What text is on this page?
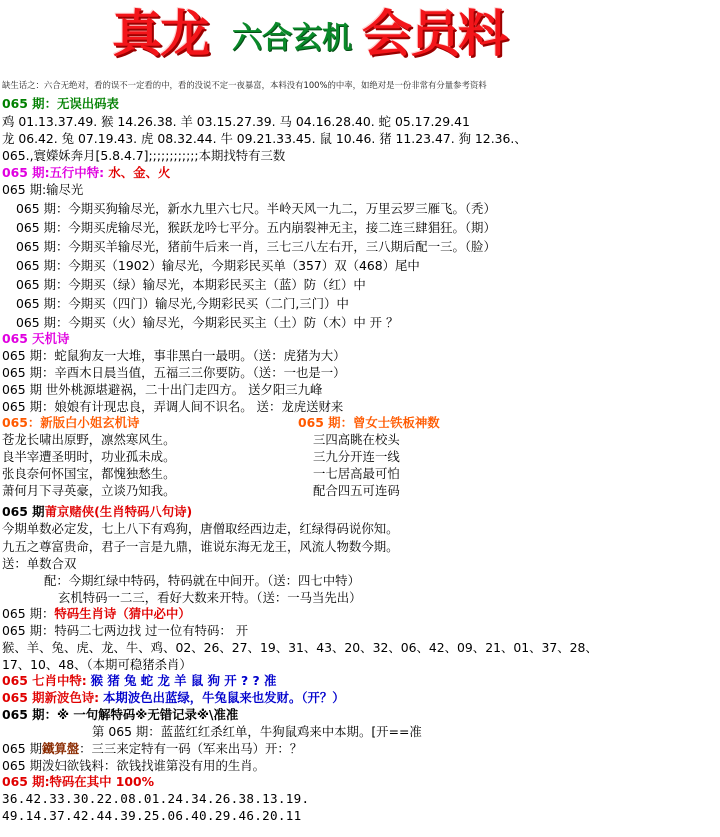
真龙 六合玄机 会员料
缺生话之：六合无绝对，看的误不一定看的中，看的没说不定一夜暴富，本料没有100%的中率，如绝对是一份非常有分量参考资料
065 期：无误出码表
鸡 01.13.37.49. 猴 14.26.38. 羊 03.15.27.39. 马 04.16.28.40. 蛇 05.17.29.41
龙 06.42. 兔 07.19.43. 虎 08.32.44. 牛 09.21.33.45. 鼠 10.46. 猪 11.23.47. 狗 12.36.、
065.,寰嬫姀奔月[5.8.4.7];;;;;;;;;;;;本期找特有三数
065 期:五行中特: 水、金、火
065 期:输尽光
065 期：今期买狗输尽光，新水九里六七尺。半岭天风一九二，万里云罗三雁飞。（秃）
065 期：今期买虎输尽光，猴跃龙吟七平分。五内崩裂神无主，接二连三肆猖狂。（期）
065 期：今期买羊输尽光，猪前牛后来一肖，三七三八左右开，三八期后配一三。（脸）
065 期：今期买（1902）输尽光，今期彩民买单（357）双（468）尾中
065 期：今期买（绿）输尽光，本期彩民买主（蓝）防（红）中
065 期：今期买（四门）输尽光,今期彩民买（二门,三门）中
065 期：今期买（火）输尽光，今期彩民买主（土）防（木）中 开 ？
065 天机诗
065 期：蛇鼠狗友一大堆，事非黑白一最明。（送：虎猪为大）
065 期：辛酉木日晨当值，五福三三你要防。（送：一也是一）
065 期 世外桃源堪避祸，二十出门走四方。 送夕阳三九峰
065 期：娘娘有计现忠良，弄调人间不识名。 送：龙虎送财来
065：新版白小姐玄机诗	065 期：曾女士铁板神数
苍龙长啸出原野，凛然寒风生。
良半宰遭圣明时，功业孤未成。
张良奈何怀国宝，都愧独愁生。
萧何月下寻英豪，立谈乃知我。
三四高眺在校头
三九分开连一线
一七居高最可怕
配合四五可连码
065 期莆京赌侠(生肖特码八句诗)
今期单数必定发，七上八下有鸡狗，唐僧取经西边走，红绿得码说你知。
九五之尊富贵命，君子一言是九鼎，谁说东海无龙王，风流人物数今期。
送：单数合双
配：今期红绿中特码，特码就在中间开。（送：四七中特）
玄机特码一二三，看好大数来开特。（送：一马当先出）
065 期：特码生肖诗（猜中必中）
065 期：特码二七两边找 过一位有特码： 开
猴、羊、兔、虎、龙、牛、鸡、02、26、27、19、31、43、20、32、06、42、09、21、01、37、28、
17、10、48、（本期可稳猪杀肖）
065 七肖中特: 猴 猪 兔 蛇 龙 羊 鼠 狗 开 ? ? 准
065 期新波色诗: 本期波色出蓝绿，牛兔鼠来也发财。（开？）
065 期：※ 一句解特码※无错记录※\准准
第 065 期：蓝蓝红红杀红单，牛狗鼠鸡来中本期。[开==准
065 期鐵算盤：三三来定特有一码（军来出马）开：？
065 期泼妇欲钱料：欲钱找谁第没有用的生肖。
065 期:特码在其中 100%
36.42.33.30.22.08.01.24.34.26.38.13.19.
49.14.37.42.44.39.25.06.40.29.46.20.11
